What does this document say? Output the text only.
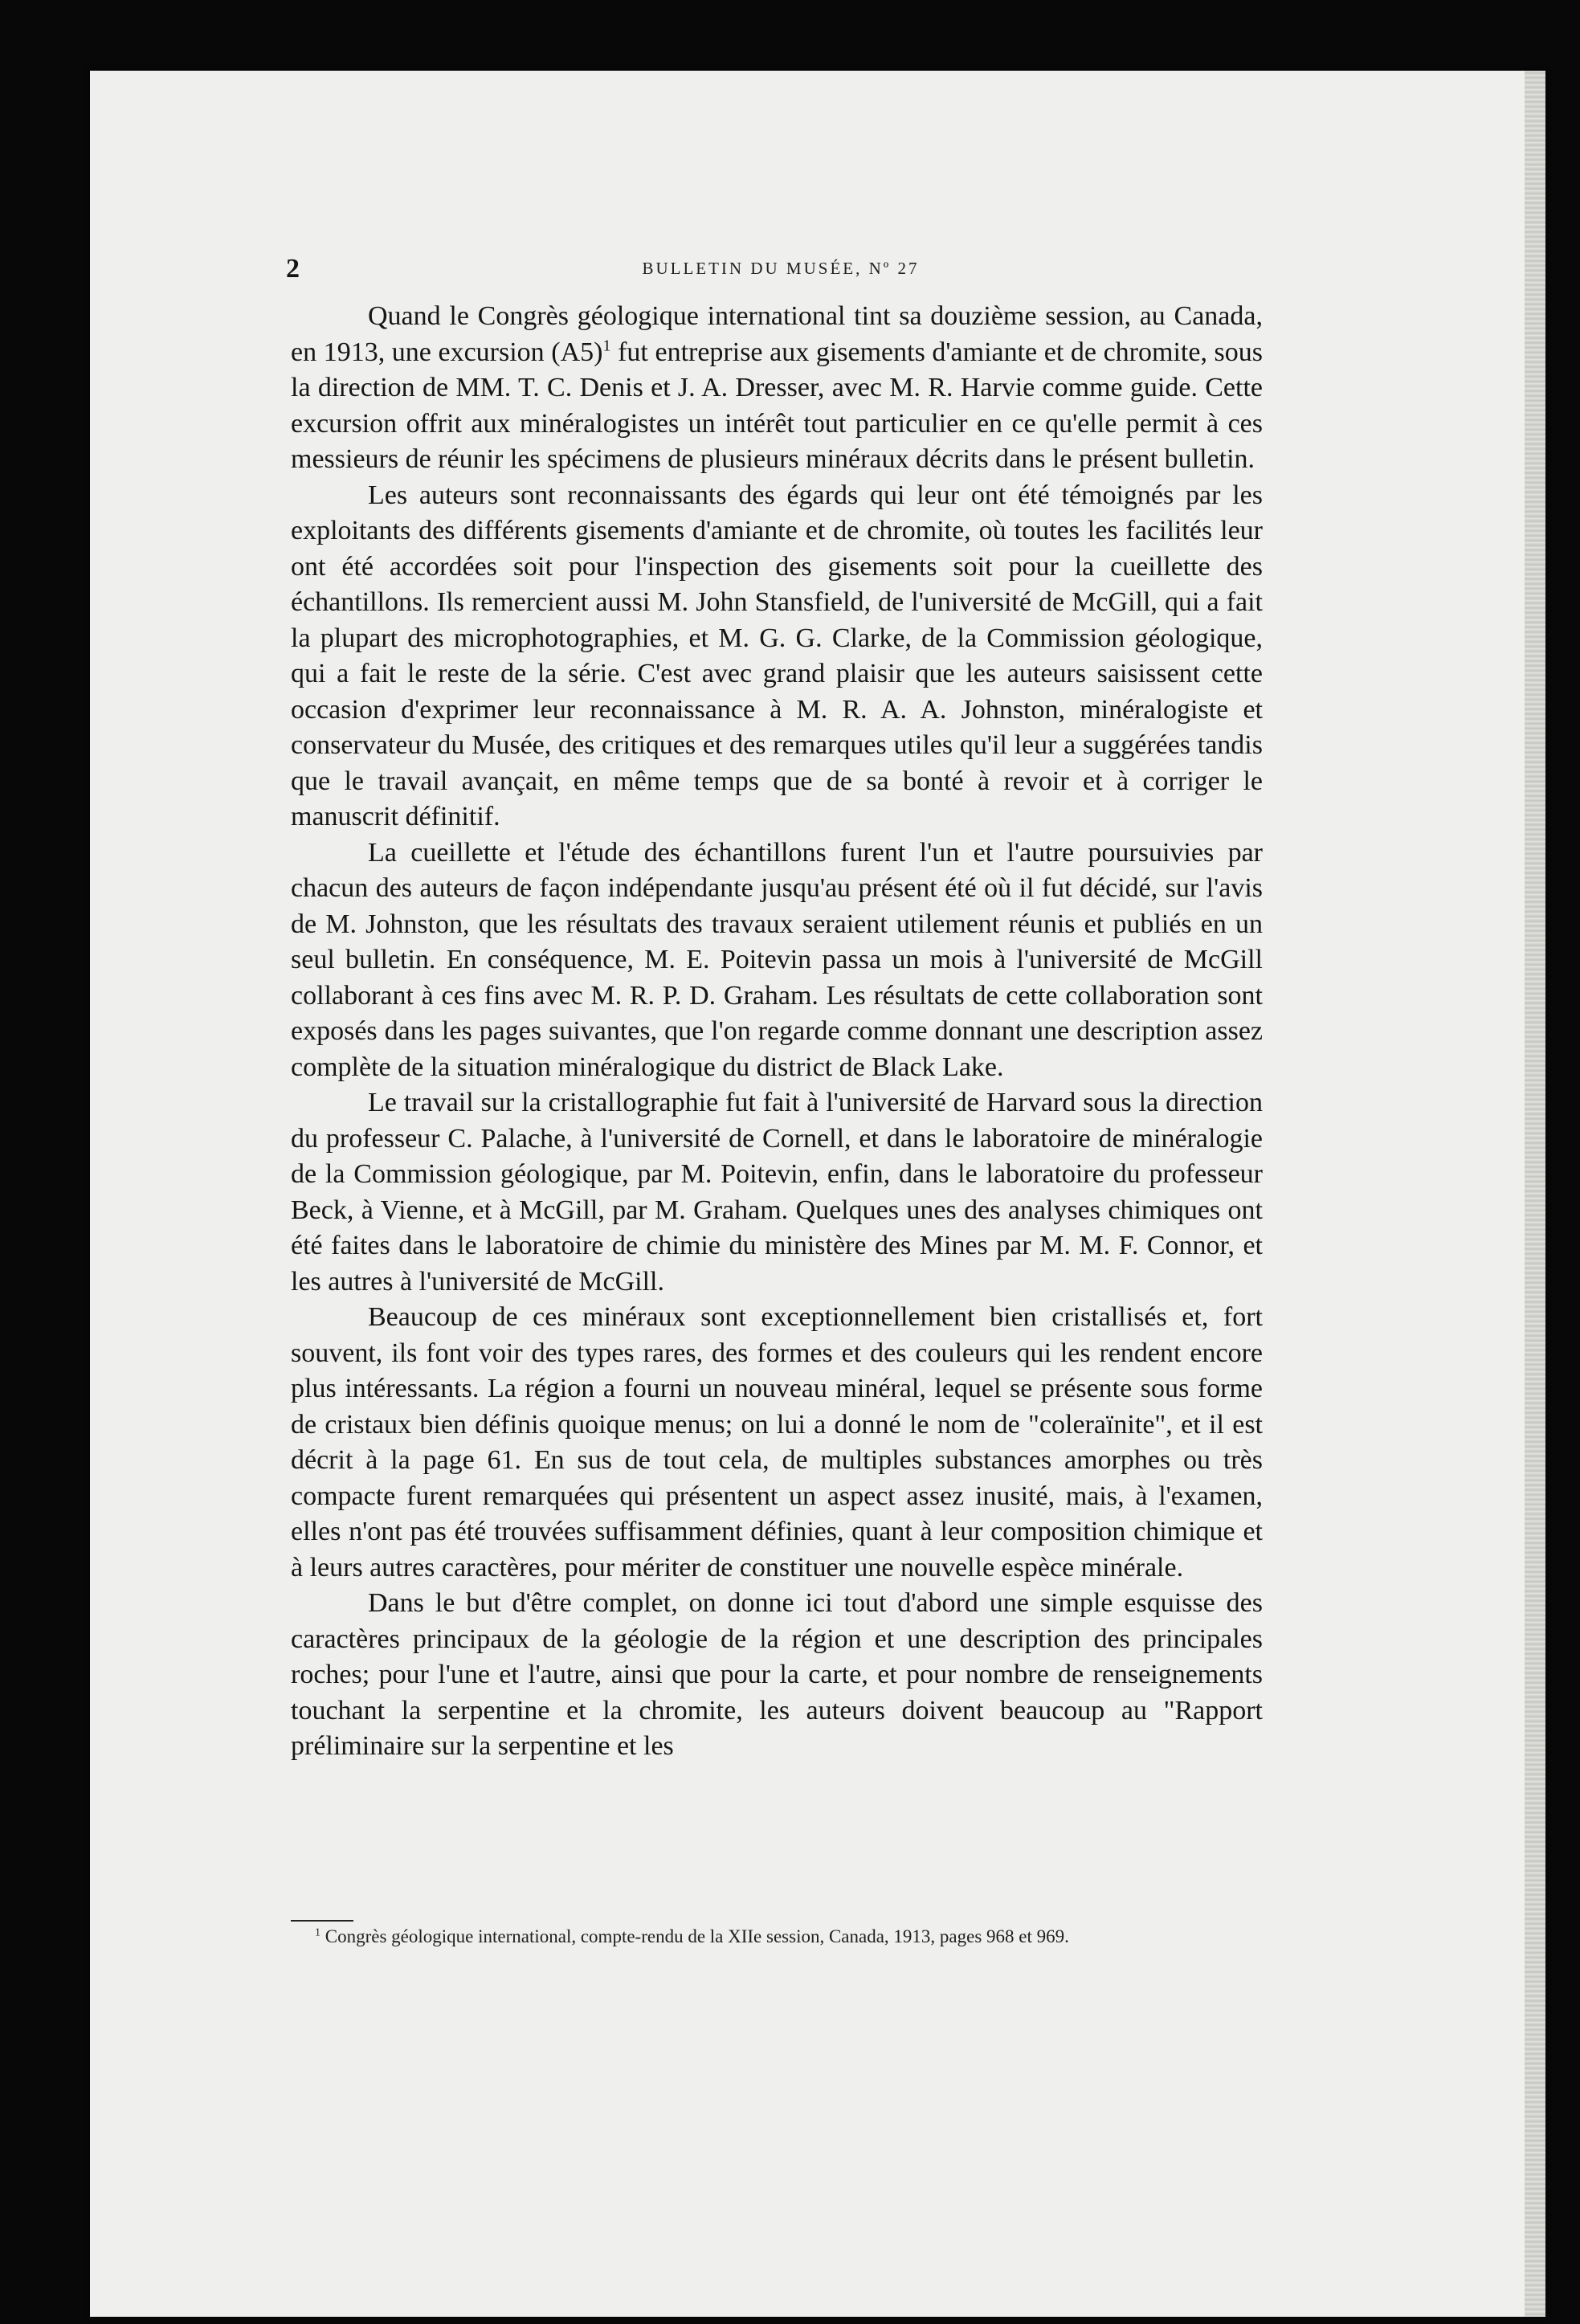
2	BULLETIN DU MUSÉE, Nº 27

Quand le Congrès géologique international tint sa douzième session, au Canada, en 1913, une excursion $(A5)^1$ fut entreprise aux gisements d'amiante et de chromite, sous la direction de MM. T. C. Denis et J. A. Dresser, avec M. R. Harvie comme guide. Cette excursion offrit aux minéralogistes un intérêt tout particulier en ce qu'elle permit à ces messieurs de réunir les spécimens de plusieurs minéraux décrits dans le présent bulletin.

Les auteurs sont reconnaissants des égards qui leur ont été témoignés par les exploitants des différents gisements d'amiante et de chromite, où toutes les facilités leur ont été accordées soit pour l'inspection des gisements soit pour la cueillette des échantillons. Ils remercient aussi M. John Stansfield, de l'université de McGill, qui a fait la plupart des microphotographies, et M. G. G. Clarke, de la Commission géologique, qui a fait le reste de la série. C'est avec grand plaisir que les auteurs saisissent cette occasion d'exprimer leur reconnaissance à M. R. A. A. Johnston, minéralogiste et conservateur du Musée, des critiques et des remarques utiles qu'il leur a suggérées tandis que le travail avançait, en même temps que de sa bonté à revoir et à corriger le manuscrit définitif.

La cueillette et l'étude des échantillons furent l'un et l'autre poursuivies par chacun des auteurs de façon indépendante jusqu'au présent été où il fut décidé, sur l'avis de M. Johnston, que les résultats des travaux seraient utilement réunis et publiés en un seul bulletin. En conséquence, M. E. Poitevin passa un mois à l'université de McGill collaborant à ces fins avec M. R. P. D. Graham. Les résultats de cette collaboration sont exposés dans les pages suivantes, que l'on regarde comme donnant une description assez complète de la situation minéralogique du district de Black Lake.

Le travail sur la cristallographie fut fait à l'université de Harvard sous la direction du professeur C. Palache, à l'université de Cornell, et dans le laboratoire de minéralogie de la Commission géologique, par M. Poitevin, enfin, dans le laboratoire du professeur Beck, à Vienne, et à McGill, par M. Graham. Quelques unes des analyses chimiques ont été faites dans le laboratoire de chimie du ministère des Mines par M. M. F. Connor, et les autres à l'université de McGill.

Beaucoup de ces minéraux sont exceptionnellement bien cristallisés et, fort souvent, ils font voir des types rares, des formes et des couleurs qui les rendent encore plus intéressants. La région a fourni un nouveau minéral, lequel se présente sous forme de cristaux bien définis quoique menus; on lui a donné le nom de "coleraïnite", et il est décrit à la page 61. En sus de tout cela, de multiples substances amorphes ou très compacte furent remarquées qui présentent un aspect assez inusité, mais, à l'examen, elles n'ont pas été trouvées suffisamment définies, quant à leur composition chimique et à leurs autres caractères, pour mériter de constituer une nouvelle espèce minérale.

Dans le but d'être complet, on donne ici tout d'abord une simple esquisse des caractères principaux de la géologie de la région et une description des principales roches; pour l'une et l'autre, ainsi que pour la carte, et pour nombre de renseignements touchant la serpentine et la chromite, les auteurs doivent beaucoup au "Rapport préliminaire sur la serpentine et les

$^1$ Congrès géologique international, compte-rendu de la XIIe session, Canada, 1913, pages 968 et 969.
